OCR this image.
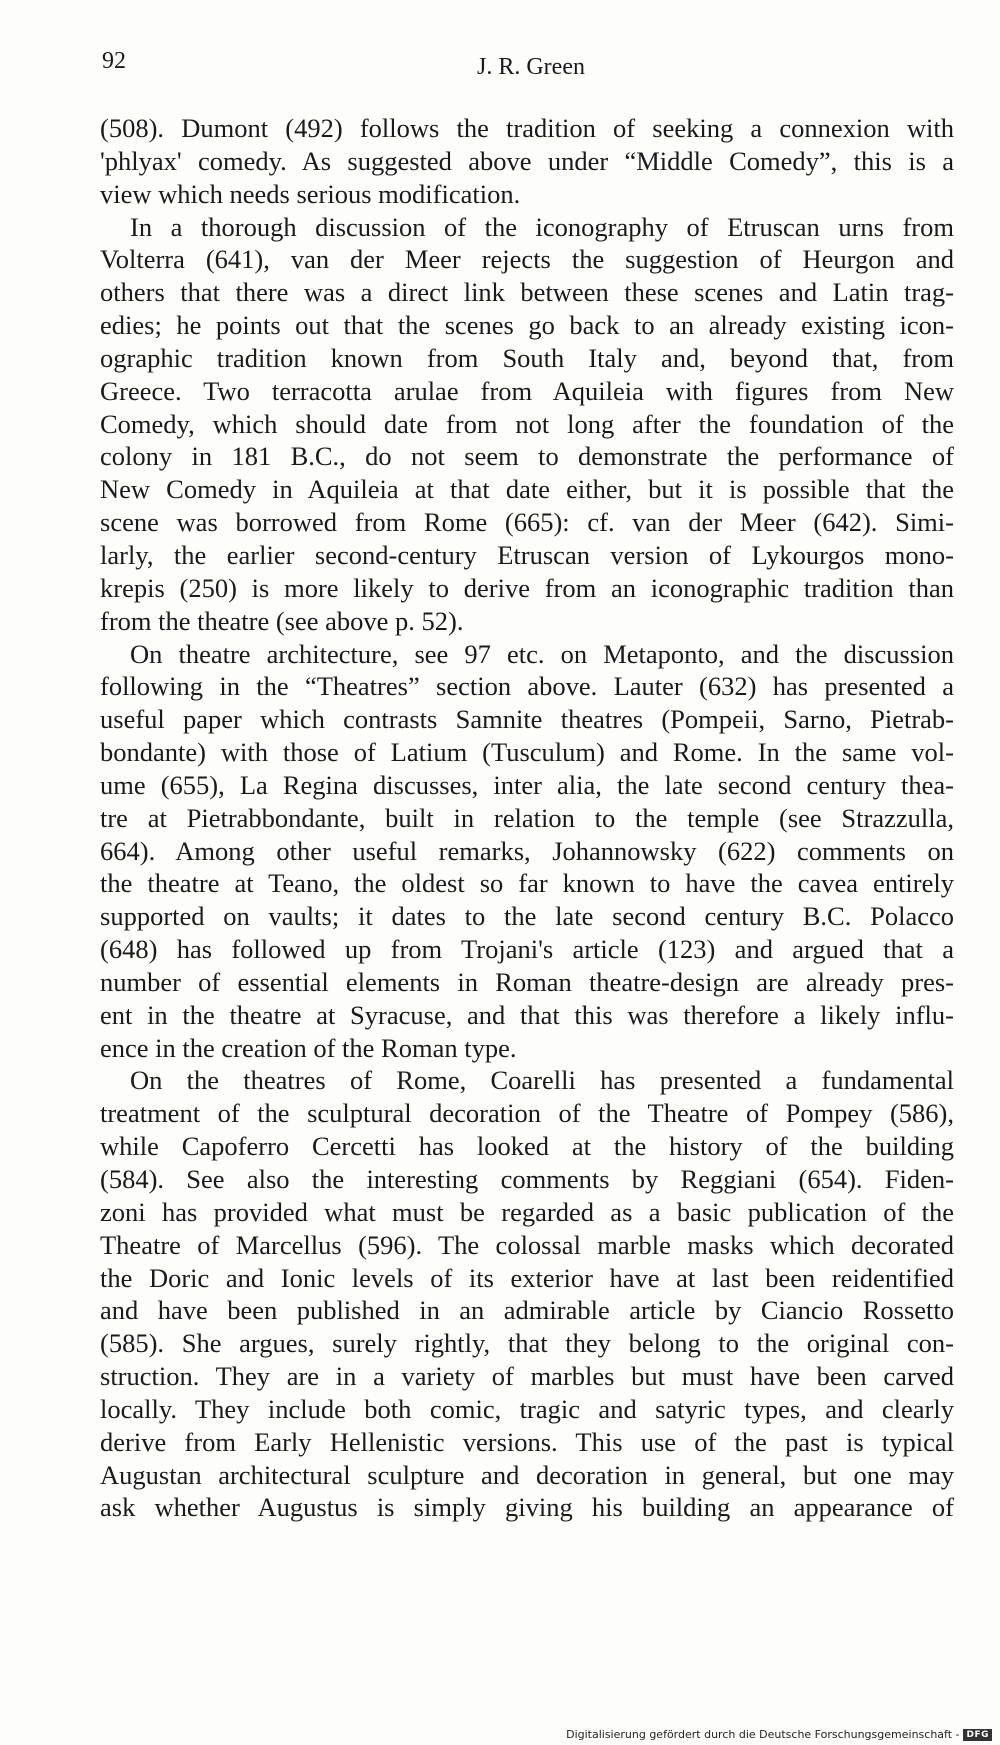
92	J. R. Green
(508). Dumont (492) follows the tradition of seeking a connexion with
'phlyax' comedy. As suggested above under “Middle Comedy”, this is a
view which needs serious modification.
In a thorough discussion of the iconography of Etruscan urns from
Volterra (641), van der Meer rejects the suggestion of Heurgon and
others that there was a direct link between these scenes and Latin trag-
edies; he points out that the scenes go back to an already existing icon-
ographic tradition known from South Italy and, beyond that, from
Greece. Two terracotta arulae from Aquileia with figures from New
Comedy, which should date from not long after the foundation of the
colony in 181 B.C., do not seem to demonstrate the performance of
New Comedy in Aquileia at that date either, but it is possible that the
scene was borrowed from Rome (665): cf. van der Meer (642). Simi-
larly, the earlier second-century Etruscan version of Lykourgos mono-
krepis (250) is more likely to derive from an iconographic tradition than
from the theatre (see above p. 52).
On theatre architecture, see 97 etc. on Metaponto, and the discussion
following in the “Theatres” section above. Lauter (632) has presented a
useful paper which contrasts Samnite theatres (Pompeii, Sarno, Pietrab-
bondante) with those of Latium (Tusculum) and Rome. In the same vol-
ume (655), La Regina discusses, inter alia, the late second century thea-
tre at Pietrabbondante, built in relation to the temple (see Strazzulla,
664). Among other useful remarks, Johannowsky (622) comments on
the theatre at Teano, the oldest so far known to have the cavea entirely
supported on vaults; it dates to the late second century B.C. Polacco
(648) has followed up from Trojani's article (123) and argued that a
number of essential elements in Roman theatre-design are already pres-
ent in the theatre at Syracuse, and that this was therefore a likely influ-
ence in the creation of the Roman type.
On the theatres of Rome, Coarelli has presented a fundamental
treatment of the sculptural decoration of the Theatre of Pompey (586),
while Capoferro Cercetti has looked at the history of the building
(584). See also the interesting comments by Reggiani (654). Fiden-
zoni has provided what must be regarded as a basic publication of the
Theatre of Marcellus (596). The colossal marble masks which decorated
the Doric and Ionic levels of its exterior have at last been reidentified
and have been published in an admirable article by Ciancio Rossetto
(585). She argues, surely rightly, that they belong to the original con-
struction. They are in a variety of marbles but must have been carved
locally. They include both comic, tragic and satyric types, and clearly
derive from Early Hellenistic versions. This use of the past is typical
Augustan architectural sculpture and decoration in general, but one may
ask whether Augustus is simply giving his building an appearance of
Digitalisierung gefördert durch die Deutsche Forschungsgemeinschaft - DFG
